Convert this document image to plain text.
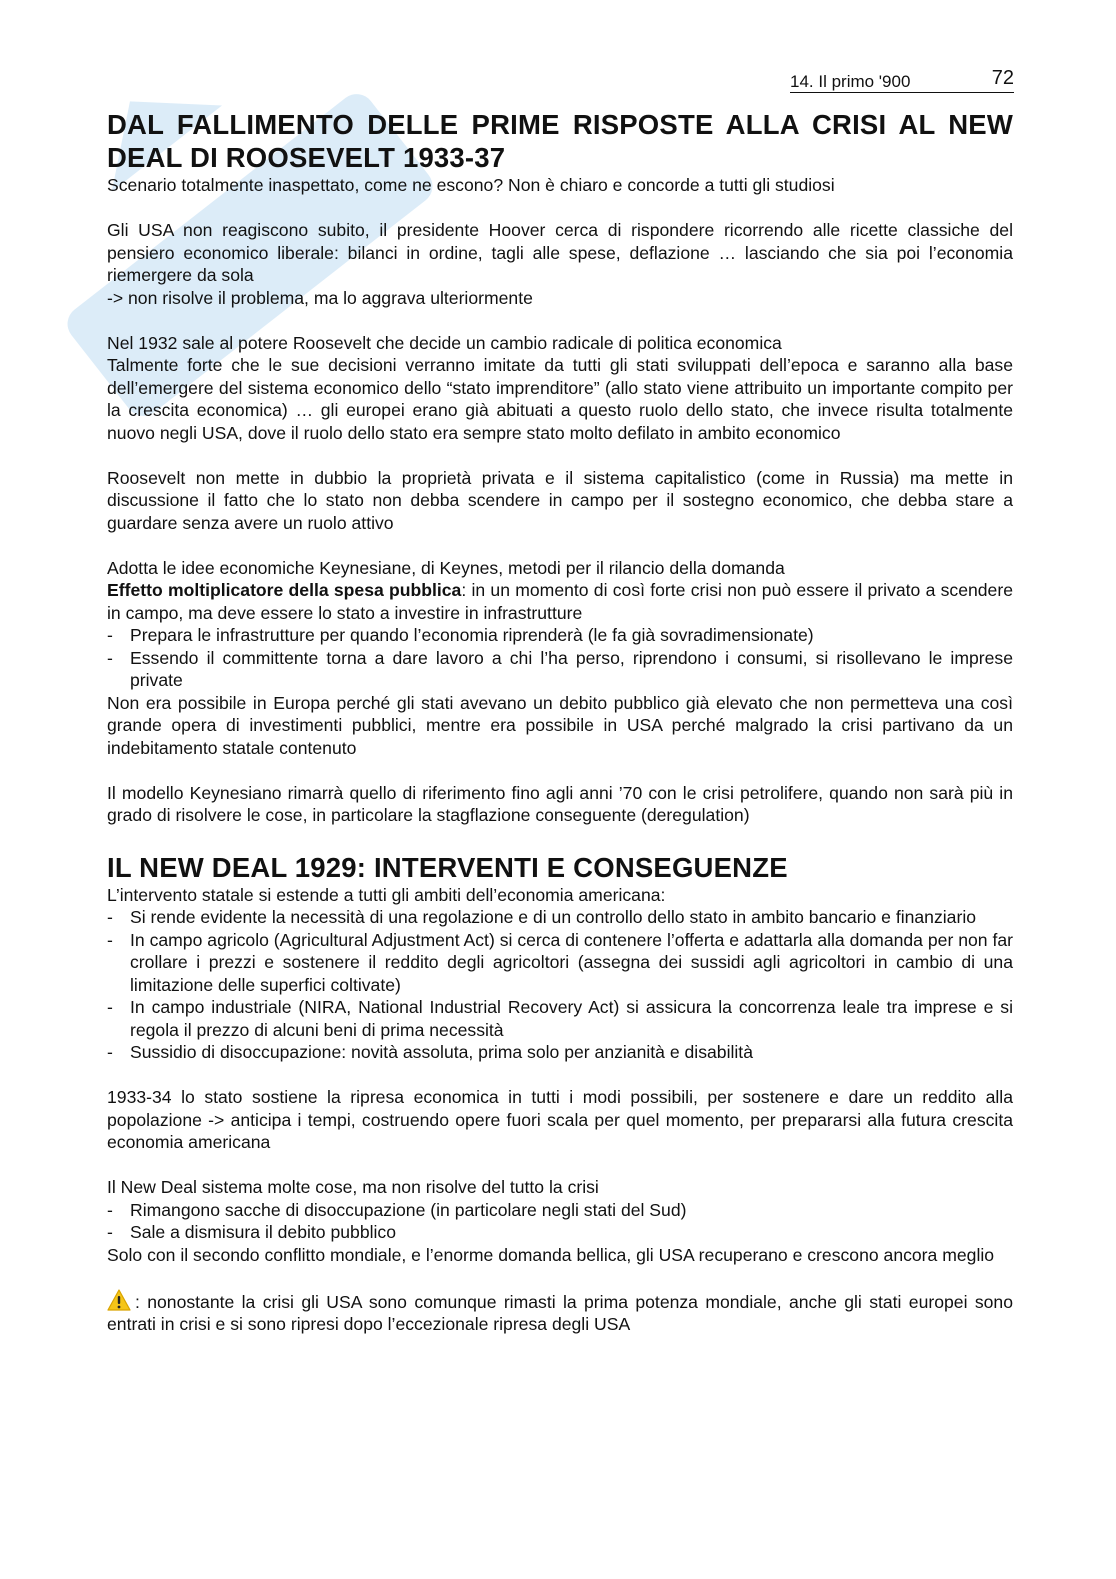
14. Il primo '900	72
DAL FALLIMENTO DELLE PRIME RISPOSTE ALLA CRISI AL NEW DEAL DI ROOSEVELT 1933-37

Scenario totalmente inaspettato, come ne escono? Non è chiaro e concorde a tutti gli studiosi

Gli USA non reagiscono subito, il presidente Hoover cerca di rispondere ricorrendo alle ricette classiche del pensiero economico liberale: bilanci in ordine, tagli alle spese, deflazione … lasciando che sia poi l’economia riemergere da sola

-> non risolve il problema, ma lo aggrava ulteriormente

Nel 1932 sale al potere Roosevelt che decide un cambio radicale di politica economica

Talmente forte che le sue decisioni verranno imitate da tutti gli stati sviluppati dell’epoca e saranno alla base dell’emergere del sistema economico dello “stato imprenditore” (allo stato viene attribuito un importante compito per la crescita economica) … gli europei erano già abituati a questo ruolo dello stato, che invece risulta totalmente nuovo negli USA, dove il ruolo dello stato era sempre stato molto defilato in ambito economico

Roosevelt non mette in dubbio la proprietà privata e il sistema capitalistico (come in Russia) ma mette in discussione il fatto che lo stato non debba scendere in campo per il sostegno economico, che debba stare a guardare senza avere un ruolo attivo

Adotta le idee economiche Keynesiane, di Keynes, metodi per il rilancio della domanda

Effetto moltiplicatore della spesa pubblica: in un momento di così forte crisi non può essere il privato a scendere in campo, ma deve essere lo stato a investire in infrastrutture

- Prepara le infrastrutture per quando l’economia riprenderà (le fa già sovradimensionate)
- Essendo il committente torna a dare lavoro a chi l’ha perso, riprendono i consumi, si risollevano le imprese private

Non era possibile in Europa perché gli stati avevano un debito pubblico già elevato che non permetteva una così grande opera di investimenti pubblici, mentre era possibile in USA perché malgrado la crisi partivano da un indebitamento statale contenuto

Il modello Keynesiano rimarrà quello di riferimento fino agli anni ’70 con le crisi petrolifere, quando non sarà più in grado di risolvere le cose, in particolare la stagflazione conseguente (deregulation)

IL NEW DEAL 1929: INTERVENTI E CONSEGUENZE

L’intervento statale si estende a tutti gli ambiti dell’economia americana:

- Si rende evidente la necessità di una regolazione e di un controllo dello stato in ambito bancario e finanziario
- In campo agricolo (Agricultural Adjustment Act) si cerca di contenere l’offerta e adattarla alla domanda per non far crollare i prezzi e sostenere il reddito degli agricoltori (assegna dei sussidi agli agricoltori in cambio di una limitazione delle superfici coltivate)
- In campo industriale (NIRA, National Industrial Recovery Act) si assicura la concorrenza leale tra imprese e si regola il prezzo di alcuni beni di prima necessità
- Sussidio di disoccupazione: novità assoluta, prima solo per anzianità e disabilità

1933-34 lo stato sostiene la ripresa economica in tutti i modi possibili, per sostenere e dare un reddito alla popolazione -> anticipa i tempi, costruendo opere fuori scala per quel momento, per prepararsi alla futura crescita economia americana

Il New Deal sistema molte cose, ma non risolve del tutto la crisi

- Rimangono sacche di disoccupazione (in particolare negli stati del Sud)
- Sale a dismisura il debito pubblico

Solo con il secondo conflitto mondiale, e l’enorme domanda bellica, gli USA recuperano e crescono ancora meglio

: nonostante la crisi gli USA sono comunque rimasti la prima potenza mondiale, anche gli stati europei sono entrati in crisi e si sono ripresi dopo l’eccezionale ripresa degli USA
